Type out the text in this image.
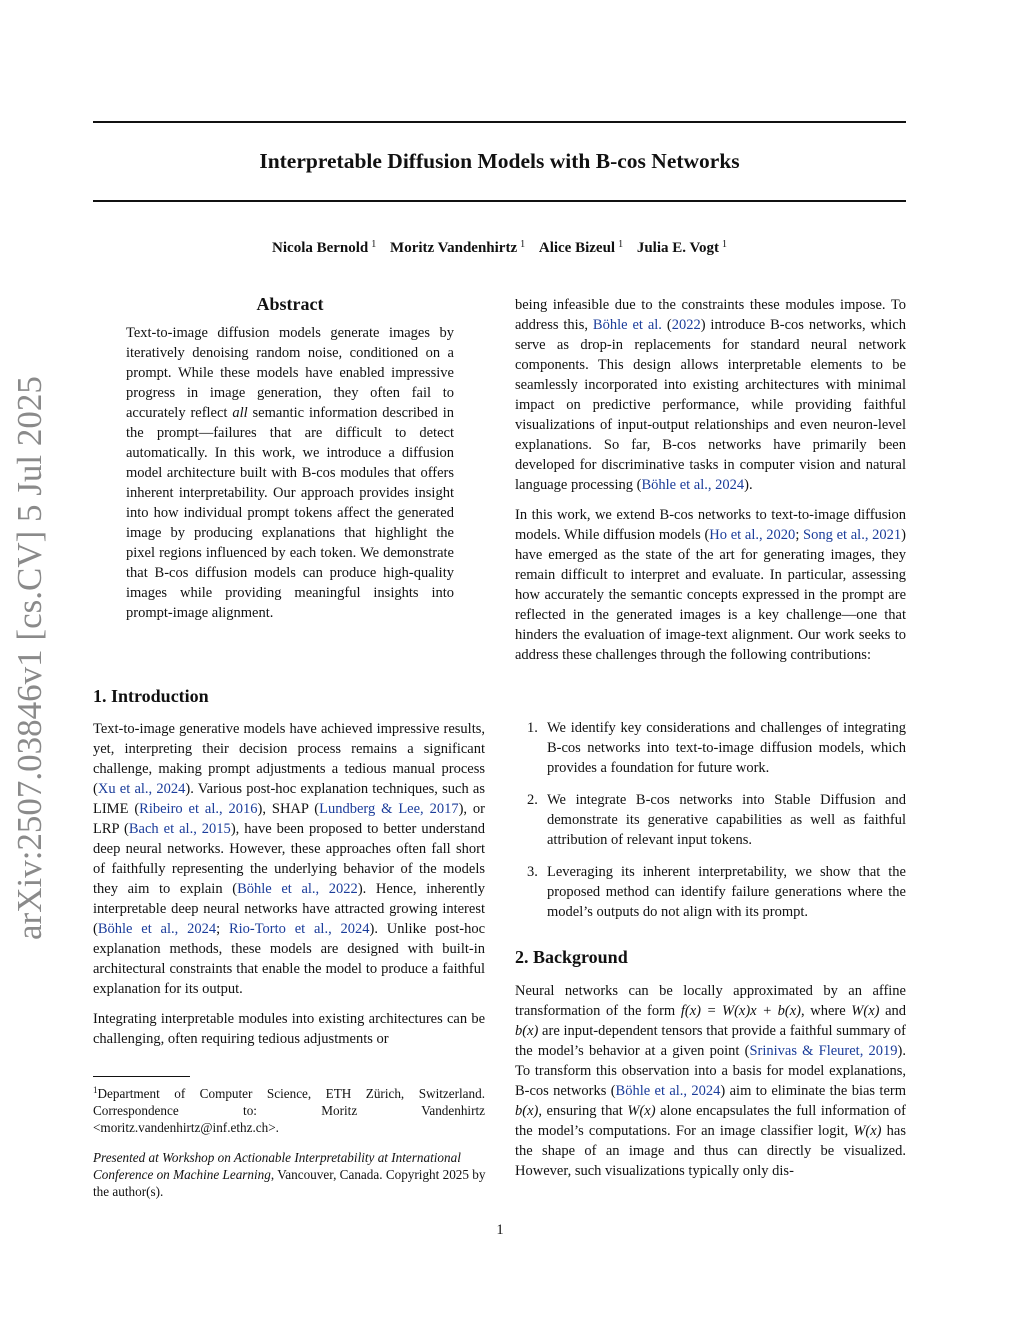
Interpretable Diffusion Models with B-cos Networks
Nicola Bernold $^1$ Moritz Vandenhirtz $^1$ Alice Bizeul $^1$ Julia E. Vogt $^1$
arXiv:2507.03846v1 [cs.CV] 5 Jul 2025
Abstract

Text-to-image diffusion models generate images by iteratively denoising random noise, conditioned on a prompt. While these models have enabled impressive progress in image generation, they often fail to accurately reflect all semantic information described in the prompt—failures that are difficult to detect automatically. In this work, we introduce a diffusion model architecture built with B-cos modules that offers inherent interpretability. Our approach provides insight into how individual prompt tokens affect the generated image by producing explanations that highlight the pixel regions influenced by each token. We demonstrate that B-cos diffusion models can produce high-quality images while providing meaningful insights into prompt-image alignment.

1. Introduction

Text-to-image generative models have achieved impressive results, yet, interpreting their decision process remains a significant challenge, making prompt adjustments a tedious manual process (Xu et al., 2024). Various post-hoc explanation techniques, such as LIME (Ribeiro et al., 2016), SHAP (Lundberg & Lee, 2017), or LRP (Bach et al., 2015), have been proposed to better understand deep neural networks. However, these approaches often fall short of faithfully representing the underlying behavior of the models they aim to explain (Böhle et al., 2022). Hence, inherently interpretable deep neural networks have attracted growing interest (Böhle et al., 2024; Rio-Torto et al., 2024). Unlike post-hoc explanation methods, these models are designed with built-in architectural constraints that enable the model to produce a faithful explanation for its output.

Integrating interpretable modules into existing architectures can be challenging, often requiring tedious adjustments or

$^1$Department of Computer Science, ETH Zürich, Switzerland. Correspondence to: Moritz Vandenhirtz <moritz.vandenhirtz@inf.ethz.ch>.
Presented at Workshop on Actionable Interpretability at International Conference on Machine Learning, Vancouver, Canada. Copyright 2025 by the author(s).

being infeasible due to the constraints these modules impose. To address this, Böhle et al. (2022) introduce B-cos networks, which serve as drop-in replacements for standard neural network components. This design allows interpretable elements to be seamlessly incorporated into existing architectures with minimal impact on predictive performance, while providing faithful visualizations of input-output relationships and even neuron-level explanations. So far, B-cos networks have primarily been developed for discriminative tasks in computer vision and natural language processing (Böhle et al., 2024).

In this work, we extend B-cos networks to text-to-image diffusion models. While diffusion models (Ho et al., 2020; Song et al., 2021) have emerged as the state of the art for generating images, they remain difficult to interpret and evaluate. In particular, assessing how accurately the semantic concepts expressed in the prompt are reflected in the generated images is a key challenge—one that hinders the evaluation of image-text alignment. Our work seeks to address these challenges through the following contributions:

1. We identify key considerations and challenges of integrating B-cos networks into text-to-image diffusion models, which provides a foundation for future work.
2. We integrate B-cos networks into Stable Diffusion and demonstrate its generative capabilities as well as faithful attribution of relevant input tokens.
3. Leveraging its inherent interpretability, we show that the proposed method can identify failure generations where the model’s outputs do not align with its prompt.
2. Background

Neural networks can be locally approximated by an affine transformation of the form f(x) = W(x)x + b(x), where W(x) and b(x) are input-dependent tensors that provide a faithful summary of the model’s behavior at a given point (Srinivas & Fleuret, 2019). To transform this observation into a basis for model explanations, B-cos networks (Böhle et al., 2024) aim to eliminate the bias term b(x), ensuring that W(x) alone encapsulates the full information of the model’s computations. For an image classifier logit, W(x) has the shape of an image and thus can directly be visualized. However, such visualizations typically only dis-

1
